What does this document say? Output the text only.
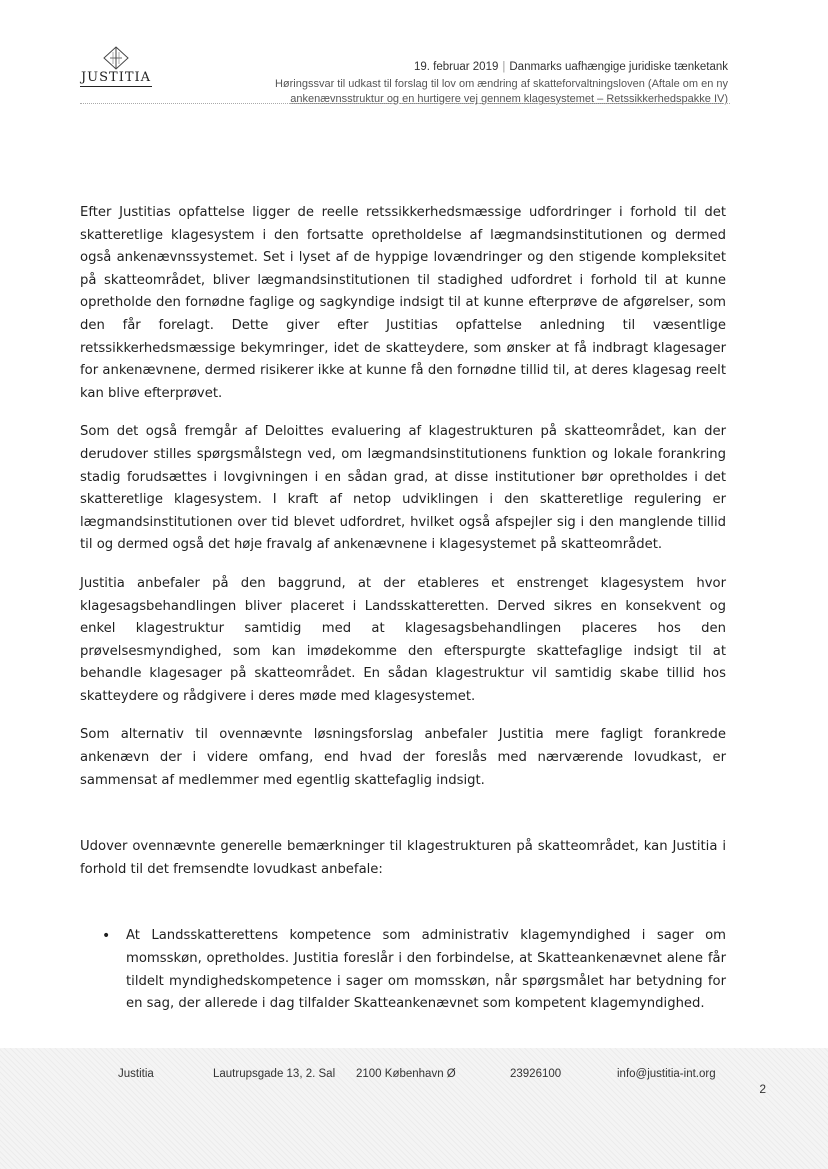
JUSTITIA
19. februar 2019 | Danmarks uafhængige juridiske tænketank
Høringssvar til udkast til forslag til lov om ændring af skatteforvaltningsloven (Aftale om en ny
ankenævnsstruktur og en hurtigere vej gennem klagesystemet – Retssikkerhedspakke IV)

Efter Justitias opfattelse ligger de reelle retssikkerhedsmæssige udfordringer i forhold til det skatteretlige klagesystem i den fortsatte opretholdelse af lægmandsinstitutionen og dermed også ankenævnssystemet. Set i lyset af de hyppige lovændringer og den stigende kompleksitet på skatteområdet, bliver lægmandsinstitutionen til stadighed udfordret i forhold til at kunne opretholde den fornødne faglige og sagkyndige indsigt til at kunne efterprøve de afgørelser, som den får forelagt. Dette giver efter Justitias opfattelse anledning til væsentlige retssikkerhedsmæssige bekymringer, idet de skatteydere, som ønsker at få indbragt klagesager for ankenævnene, dermed risikerer ikke at kunne få den fornødne tillid til, at deres klagesag reelt kan blive efterprøvet.

Som det også fremgår af Deloittes evaluering af klagestrukturen på skatteområdet, kan der derudover stilles spørgsmålstegn ved, om lægmandsinstitutionens funktion og lokale forankring stadig forudsættes i lovgivningen i en sådan grad, at disse institutioner bør opretholdes i det skatteretlige klagesystem. I kraft af netop udviklingen i den skatteretlige regulering er lægmandsinstitutionen over tid blevet udfordret, hvilket også afspejler sig i den manglende tillid til og dermed også det høje fravalg af ankenævnene i klagesystemet på skatteområdet.

Justitia anbefaler på den baggrund, at der etableres et enstrenget klagesystem hvor klagesagsbehandlingen bliver placeret i Landsskatteretten. Derved sikres en konsekvent og enkel klagestruktur samtidig med at klagesagsbehandlingen placeres hos den prøvelsesmyndighed, som kan imødekomme den efterspurgte skattefaglige indsigt til at behandle klagesager på skatteområdet. En sådan klagestruktur vil samtidig skabe tillid hos skatteydere og rådgivere i deres møde med klagesystemet.

Som alternativ til ovennævnte løsningsforslag anbefaler Justitia mere fagligt forankrede ankenævn der i videre omfang, end hvad der foreslås med nærværende lovudkast, er sammensat af medlemmer med egentlig skattefaglig indsigt.

Udover ovennævnte generelle bemærkninger til klagestrukturen på skatteområdet, kan Justitia i forhold til det fremsendte lovudkast anbefale:

• At Landsskatterettens kompetence som administrativ klagemyndighed i sager om momsskøn, opretholdes. Justitia foreslår i den forbindelse, at Skatteankenævnet alene får tildelt myndighedskompetence i sager om momsskøn, når spørgsmålet har betydning for en sag, der allerede i dag tilfalder Skatteankenævnet som kompetent klagemyndighed.
Justitia	Lautrupsgade 13, 2. Sal 2100 København Ø	23926100	info@justitia-int.org
2
